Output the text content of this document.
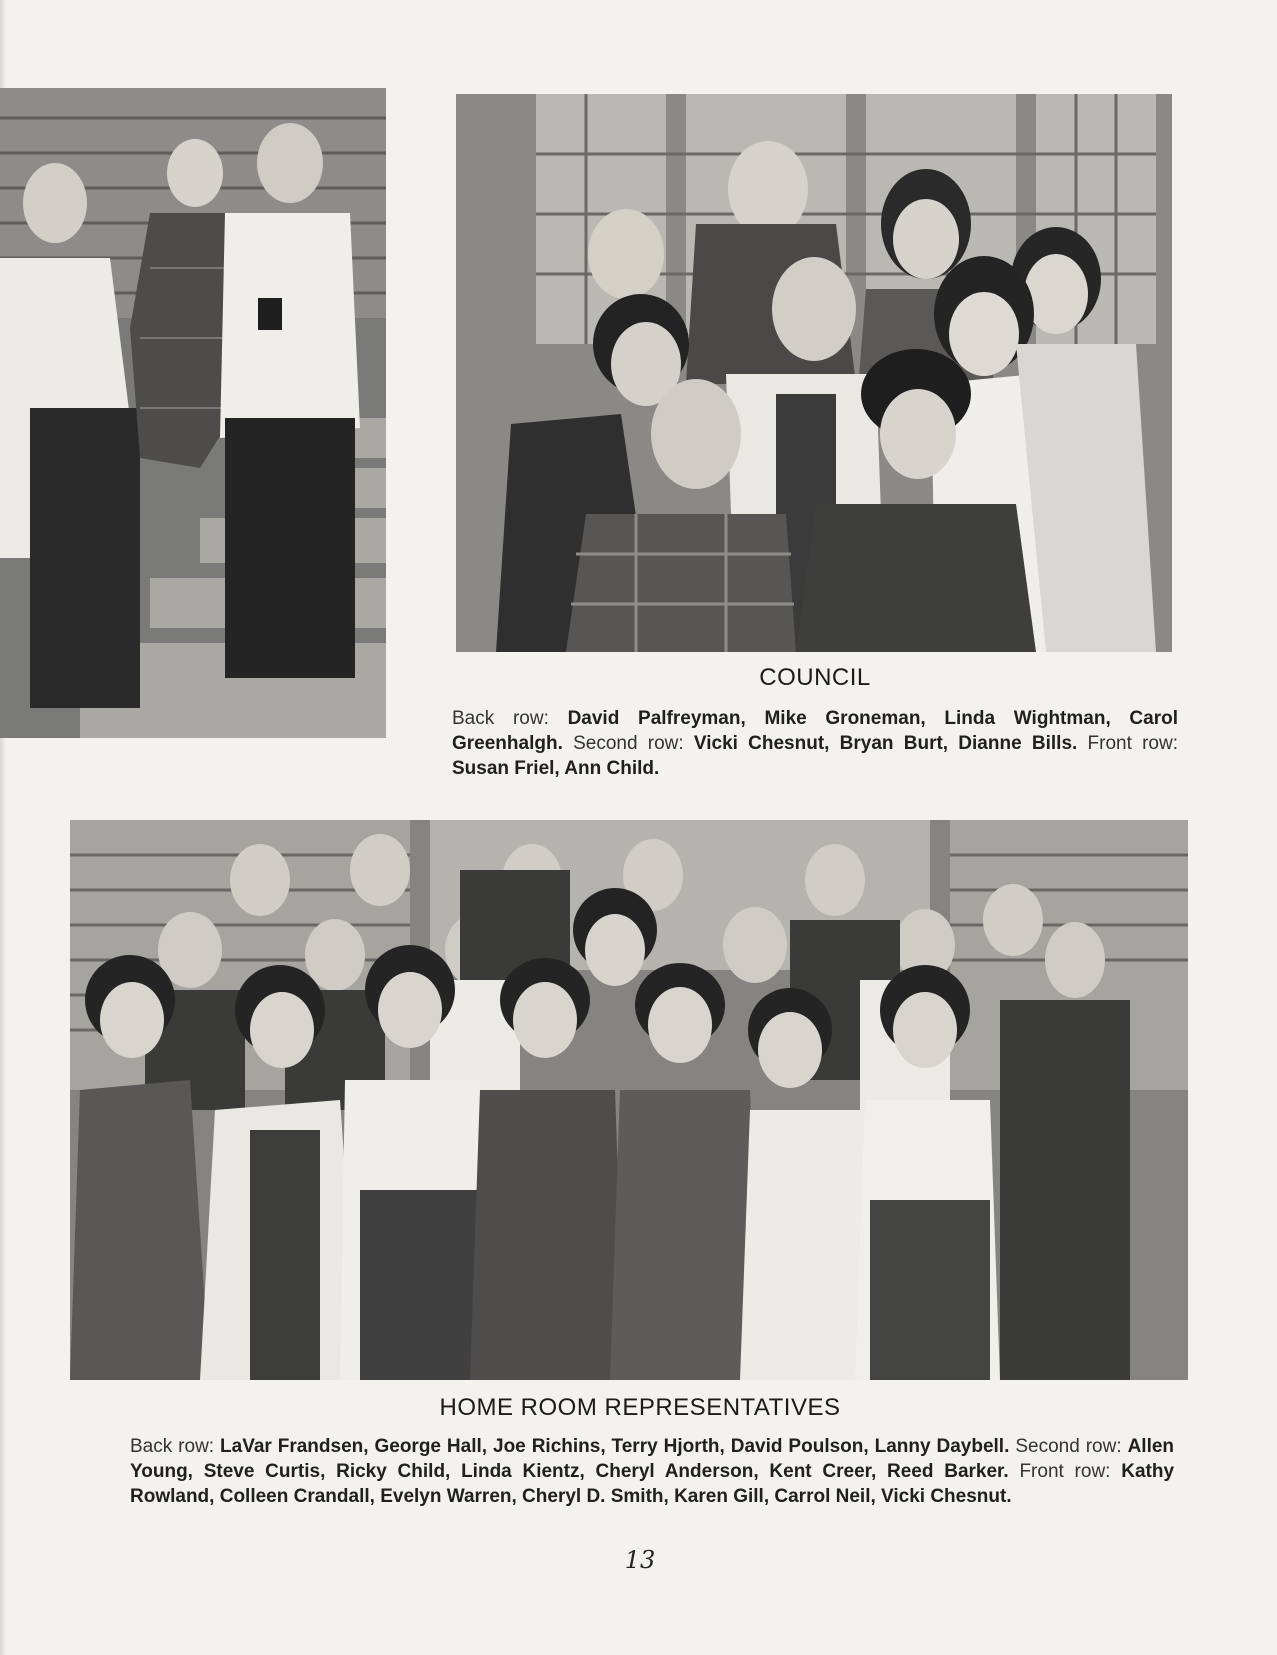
COUNCIL
Back row: David Palfreyman, Mike Groneman, Linda Wightman, Carol Greenhalgh. Second row: Vicki Chesnut, Bryan Burt, Dianne Bills. Front row: Susan Friel, Ann Child.
HOME ROOM REPRESENTATIVES
Back row: LaVar Frandsen, George Hall, Joe Richins, Terry Hjorth, David Poulson, Lanny Daybell. Second row: Allen Young, Steve Curtis, Ricky Child, Linda Kientz, Cheryl Anderson, Kent Creer, Reed Barker. Front row: Kathy Rowland, Colleen Crandall, Evelyn Warren, Cheryl D. Smith, Karen Gill, Carrol Neil, Vicki Chesnut.
13
